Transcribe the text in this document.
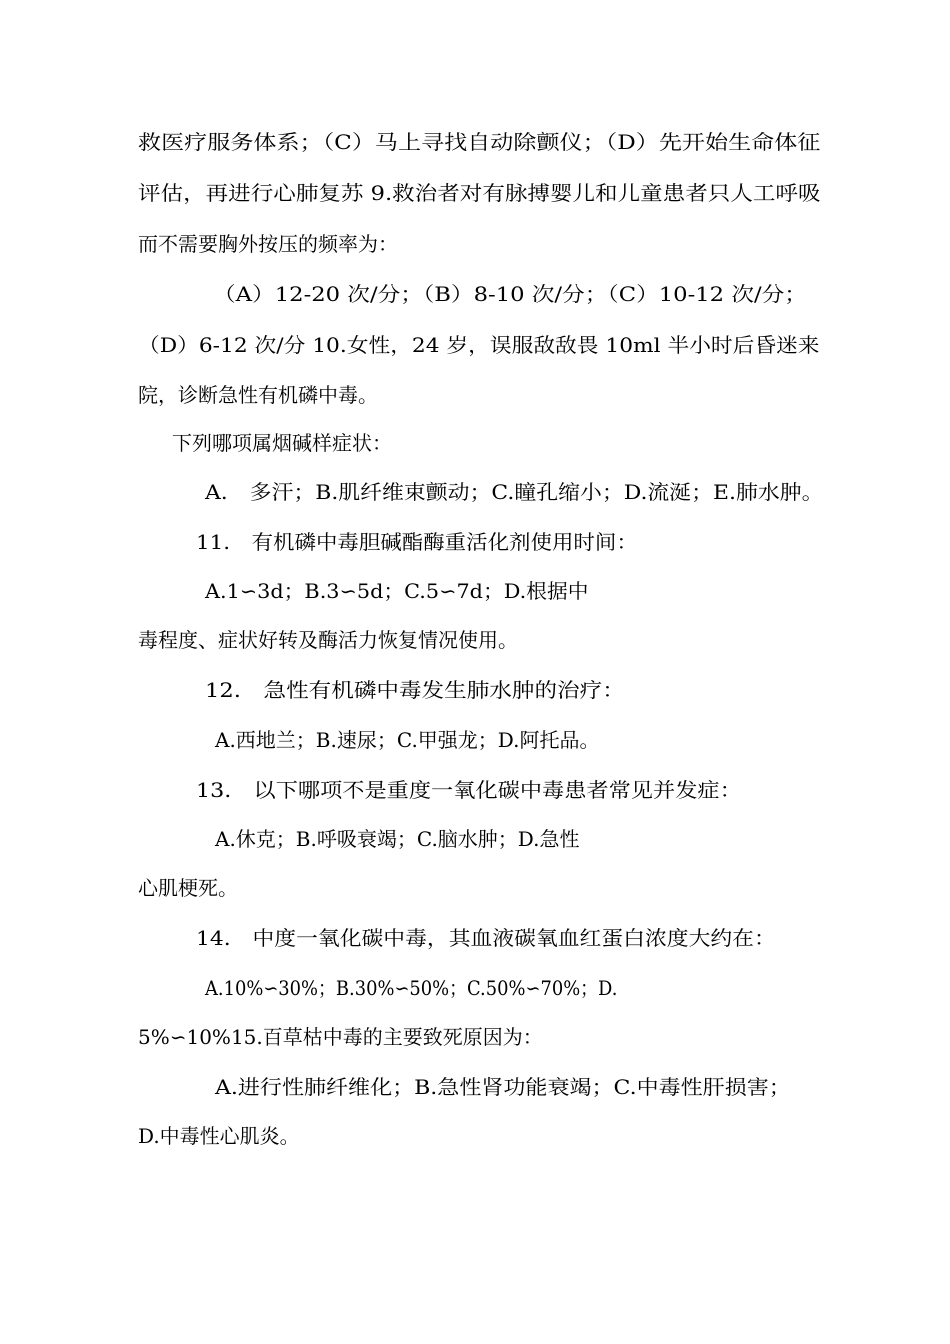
救医疗服务体系；（C）马上寻找自动除颤仪；（D）先开始生命体征
评估，再进行心肺复苏 9.救治者对有脉搏婴儿和儿童患者只人工呼吸
而不需要胸外按压的频率为：
（A）12-20 次/分；（B）8-10 次/分；（C）10-12 次/分；
（D）6-12 次/分 10.女性，24 岁，误服敌敌畏 10ml 半小时后昏迷来
院，诊断急性有机磷中毒。
下列哪项属烟碱样症状：
A.　多汗；B.肌纤维束颤动；C.瞳孔缩小；D.流涎；E.肺水肿。
11.　有机磷中毒胆碱酯酶重活化剂使用时间：
A.1∽3d；B.3∽5d；C.5∽7d；D.根据中
毒程度、症状好转及酶活力恢复情况使用。
12.　急性有机磷中毒发生肺水肿的治疗：
A.西地兰；B.速尿；C.甲强龙；D.阿托品。
13.　以下哪项不是重度一氧化碳中毒患者常见并发症：
A.休克；B.呼吸衰竭；C.脑水肿；D.急性
心肌梗死。
14.　中度一氧化碳中毒，其血液碳氧血红蛋白浓度大约在：
A.10%∽30%；B.30%∽50%；C.50%∽70%；D.
5%∽10%15.百草枯中毒的主要致死原因为：
A.进行性肺纤维化；B.急性肾功能衰竭；C.中毒性肝损害；
D.中毒性心肌炎。
